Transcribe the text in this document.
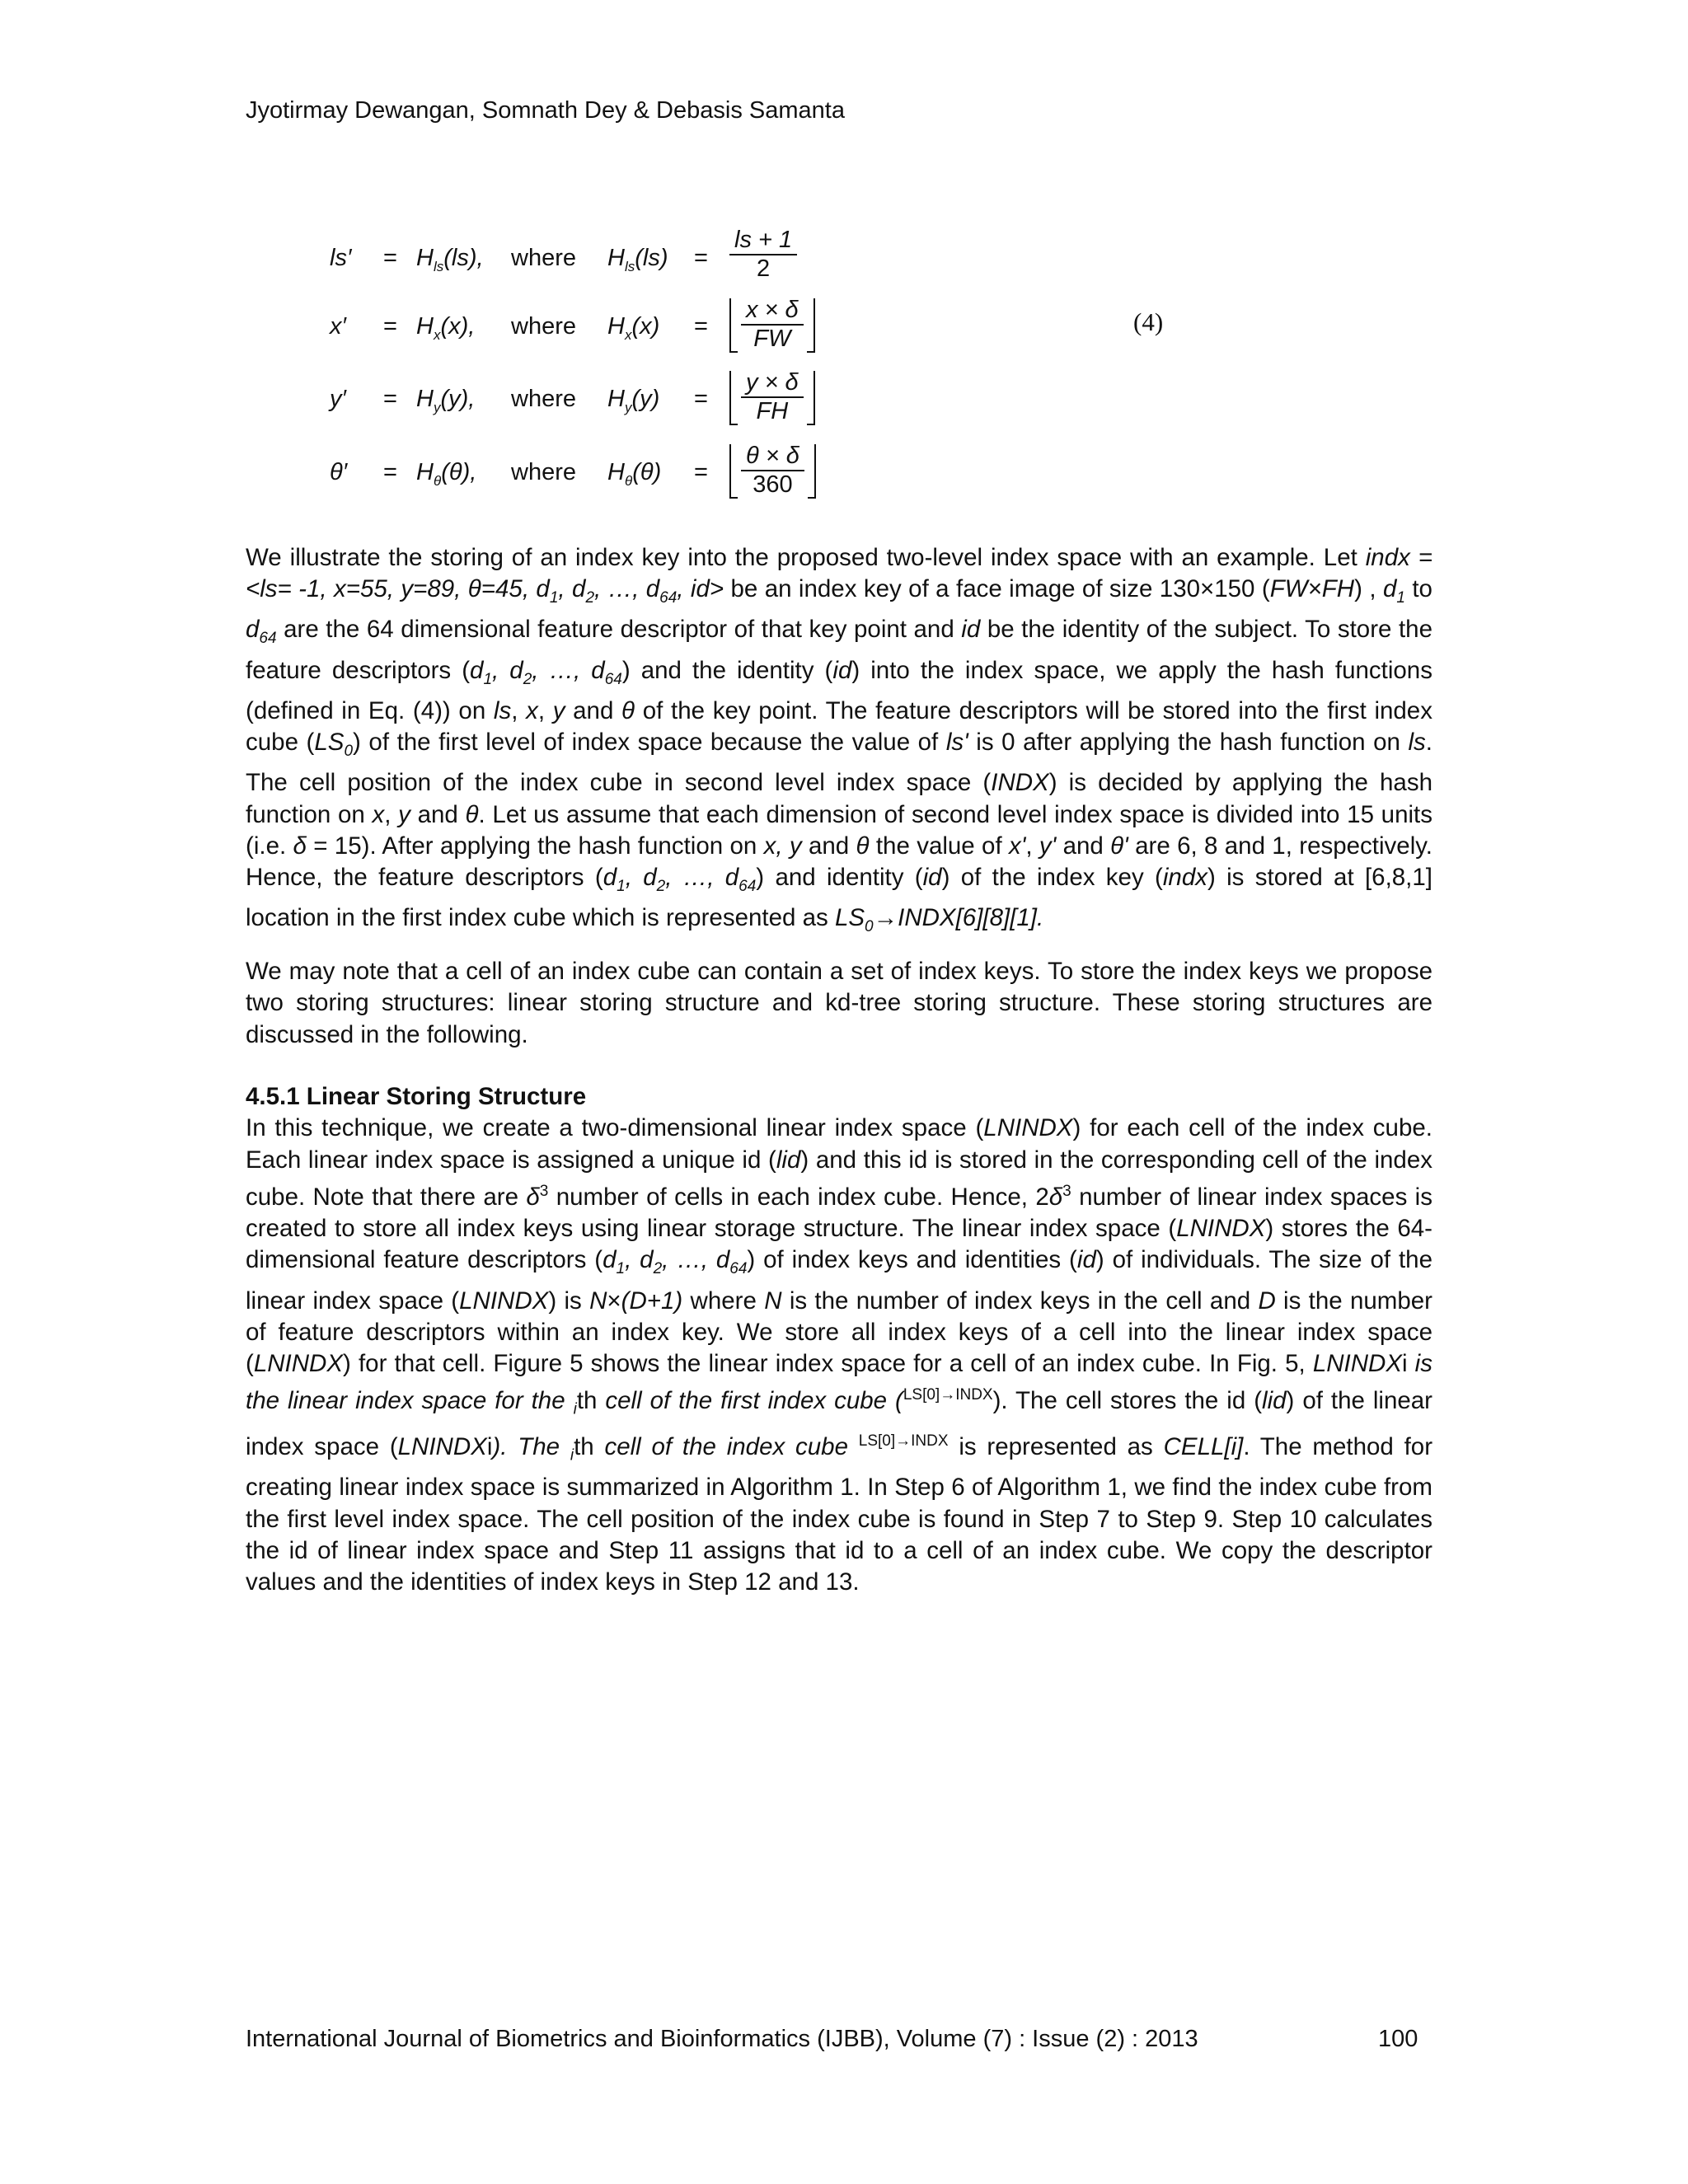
Jyotirmay Dewangan, Somnath Dey & Debasis Samanta
$ls' = H_{ls}(ls)$, where $H_{ls}(ls) = \frac{ls + 1}{2}$
$x' = H_x(x)$, where $H_x(x) = \frac{x \times \delta}{FW}$
$y' = H_y(y)$, where $H_y(y) = \frac{y \times \delta}{FH}$
$\theta' = H_\theta(\theta)$, where $H_\theta(\theta) = \frac{\theta \times \delta}{360}$
(4)
We illustrate the storing of an index key into the proposed two-level index space with an example. Let indx = <ls= -1, x=55, y=89, θ=45, $d_1$, $d_2$, …, $d_{64}$, id> be an index key of a face image of size 130×150 (FW×FH) , $d_1$ to $d_{64}$ are the 64 dimensional feature descriptor of that key point and id be the identity of the subject. To store the feature descriptors ($d_1$, $d_2$, …, $d_{64}$) and the identity (id) into the index space, we apply the hash functions (defined in Eq. (4)) on ls, x, y and θ of the key point. The feature descriptors will be stored into the first index cube $(LS_0)$ of the first level of index space because the value of ls' is 0 after applying the hash function on ls. The cell position of the index cube in second level index space (INDX) is decided by applying the hash function on x, y and θ. Let us assume that each dimension of second level index space is divided into 15 units (i.e. δ = 15). After applying the hash function on x, y and θ the value of x', y' and θ' are 6, 8 and 1, respectively. Hence, the feature descriptors ($d_1$, $d_2$, …, $d_{64}$) and identity (id) of the index key (indx) is stored at [6,8,1] location in the first index cube which is represented as $LS_0\to INDX[6][8][1]$.
We may note that a cell of an index cube can contain a set of index keys. To store the index keys we propose two storing structures: linear storing structure and kd-tree storing structure. These storing structures are discussed in the following.
4.5.1 Linear Storing Structure
In this technique, we create a two-dimensional linear index space (LNINDX) for each cell of the index cube. Each linear index space is assigned a unique id (lid) and this id is stored in the corresponding cell of the index cube. Note that there are $\delta^3$ number of cells in each index cube. Hence, $2\delta^3$ number of linear index spaces is created to store all index keys using linear storage structure. The linear index space (LNINDX) stores the 64-dimensional feature descriptors ($d_1$, $d_2$, …, $d_{64}$) of index keys and identities (id) of individuals. The size of the linear index space (LNINDX) is N×(D+1) where N is the number of index keys in the cell and D is the number of feature descriptors within an index key. We store all index keys of a cell into the linear index space (LNINDX) for that cell. Figure 5 shows the linear index space for a cell of an index cube. In Fig. 5, LNINDXi is the linear index space for the $_i$th cell of the first index cube ($^{LS[0]\to INDX}$). The cell stores the id (lid) of the linear index space (LNINDXi). The $_i$th cell of the index cube $^{LS[0]\to INDX}$ is represented as CELL[i]. The method for creating linear index space is summarized in Algorithm 1. In Step 6 of Algorithm 1, we find the index cube from the first level index space. The cell position of the index cube is found in Step 7 to Step 9. Step 10 calculates the id of linear index space and Step 11 assigns that id to a cell of an index cube. We copy the descriptor values and the identities of index keys in Step 12 and 13.
International Journal of Biometrics and Bioinformatics (IJBB), Volume (7) : Issue (2) : 2013	100
